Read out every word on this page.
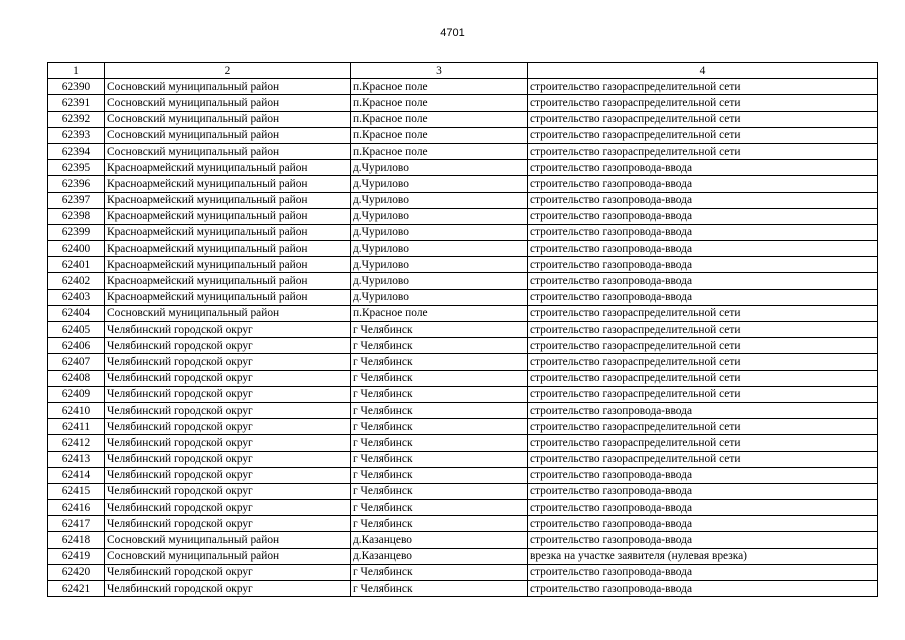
4701
1	2	3	4
62390	Сосновский муниципальный район	п.Красное поле	строительство газораспределительной сети
62391	Сосновский муниципальный район	п.Красное поле	строительство газораспределительной сети
62392	Сосновский муниципальный район	п.Красное поле	строительство газораспределительной сети
62393	Сосновский муниципальный район	п.Красное поле	строительство газораспределительной сети
62394	Сосновский муниципальный район	п.Красное поле	строительство газораспределительной сети
62395	Красноармейский муниципальный район	д.Чурилово	строительство газопровода-ввода
62396	Красноармейский муниципальный район	д.Чурилово	строительство газопровода-ввода
62397	Красноармейский муниципальный район	д.Чурилово	строительство газопровода-ввода
62398	Красноармейский муниципальный район	д.Чурилово	строительство газопровода-ввода
62399	Красноармейский муниципальный район	д.Чурилово	строительство газопровода-ввода
62400	Красноармейский муниципальный район	д.Чурилово	строительство газопровода-ввода
62401	Красноармейский муниципальный район	д.Чурилово	строительство газопровода-ввода
62402	Красноармейский муниципальный район	д.Чурилово	строительство газопровода-ввода
62403	Красноармейский муниципальный район	д.Чурилово	строительство газопровода-ввода
62404	Сосновский муниципальный район	п.Красное поле	строительство газораспределительной сети
62405	Челябинский городской округ	г Челябинск	строительство газораспределительной сети
62406	Челябинский городской округ	г Челябинск	строительство газораспределительной сети
62407	Челябинский городской округ	г Челябинск	строительство газораспределительной сети
62408	Челябинский городской округ	г Челябинск	строительство газораспределительной сети
62409	Челябинский городской округ	г Челябинск	строительство газораспределительной сети
62410	Челябинский городской округ	г Челябинск	строительство газопровода-ввода
62411	Челябинский городской округ	г Челябинск	строительство газораспределительной сети
62412	Челябинский городской округ	г Челябинск	строительство газораспределительной сети
62413	Челябинский городской округ	г Челябинск	строительство газораспределительной сети
62414	Челябинский городской округ	г Челябинск	строительство газопровода-ввода
62415	Челябинский городской округ	г Челябинск	строительство газопровода-ввода
62416	Челябинский городской округ	г Челябинск	строительство газопровода-ввода
62417	Челябинский городской округ	г Челябинск	строительство газопровода-ввода
62418	Сосновский муниципальный район	д.Казанцево	строительство газопровода-ввода
62419	Сосновский муниципальный район	д.Казанцево	врезка на участке заявителя (нулевая врезка)
62420	Челябинский городской округ	г Челябинск	строительство газопровода-ввода
62421	Челябинский городской округ	г Челябинск	строительство газопровода-ввода
